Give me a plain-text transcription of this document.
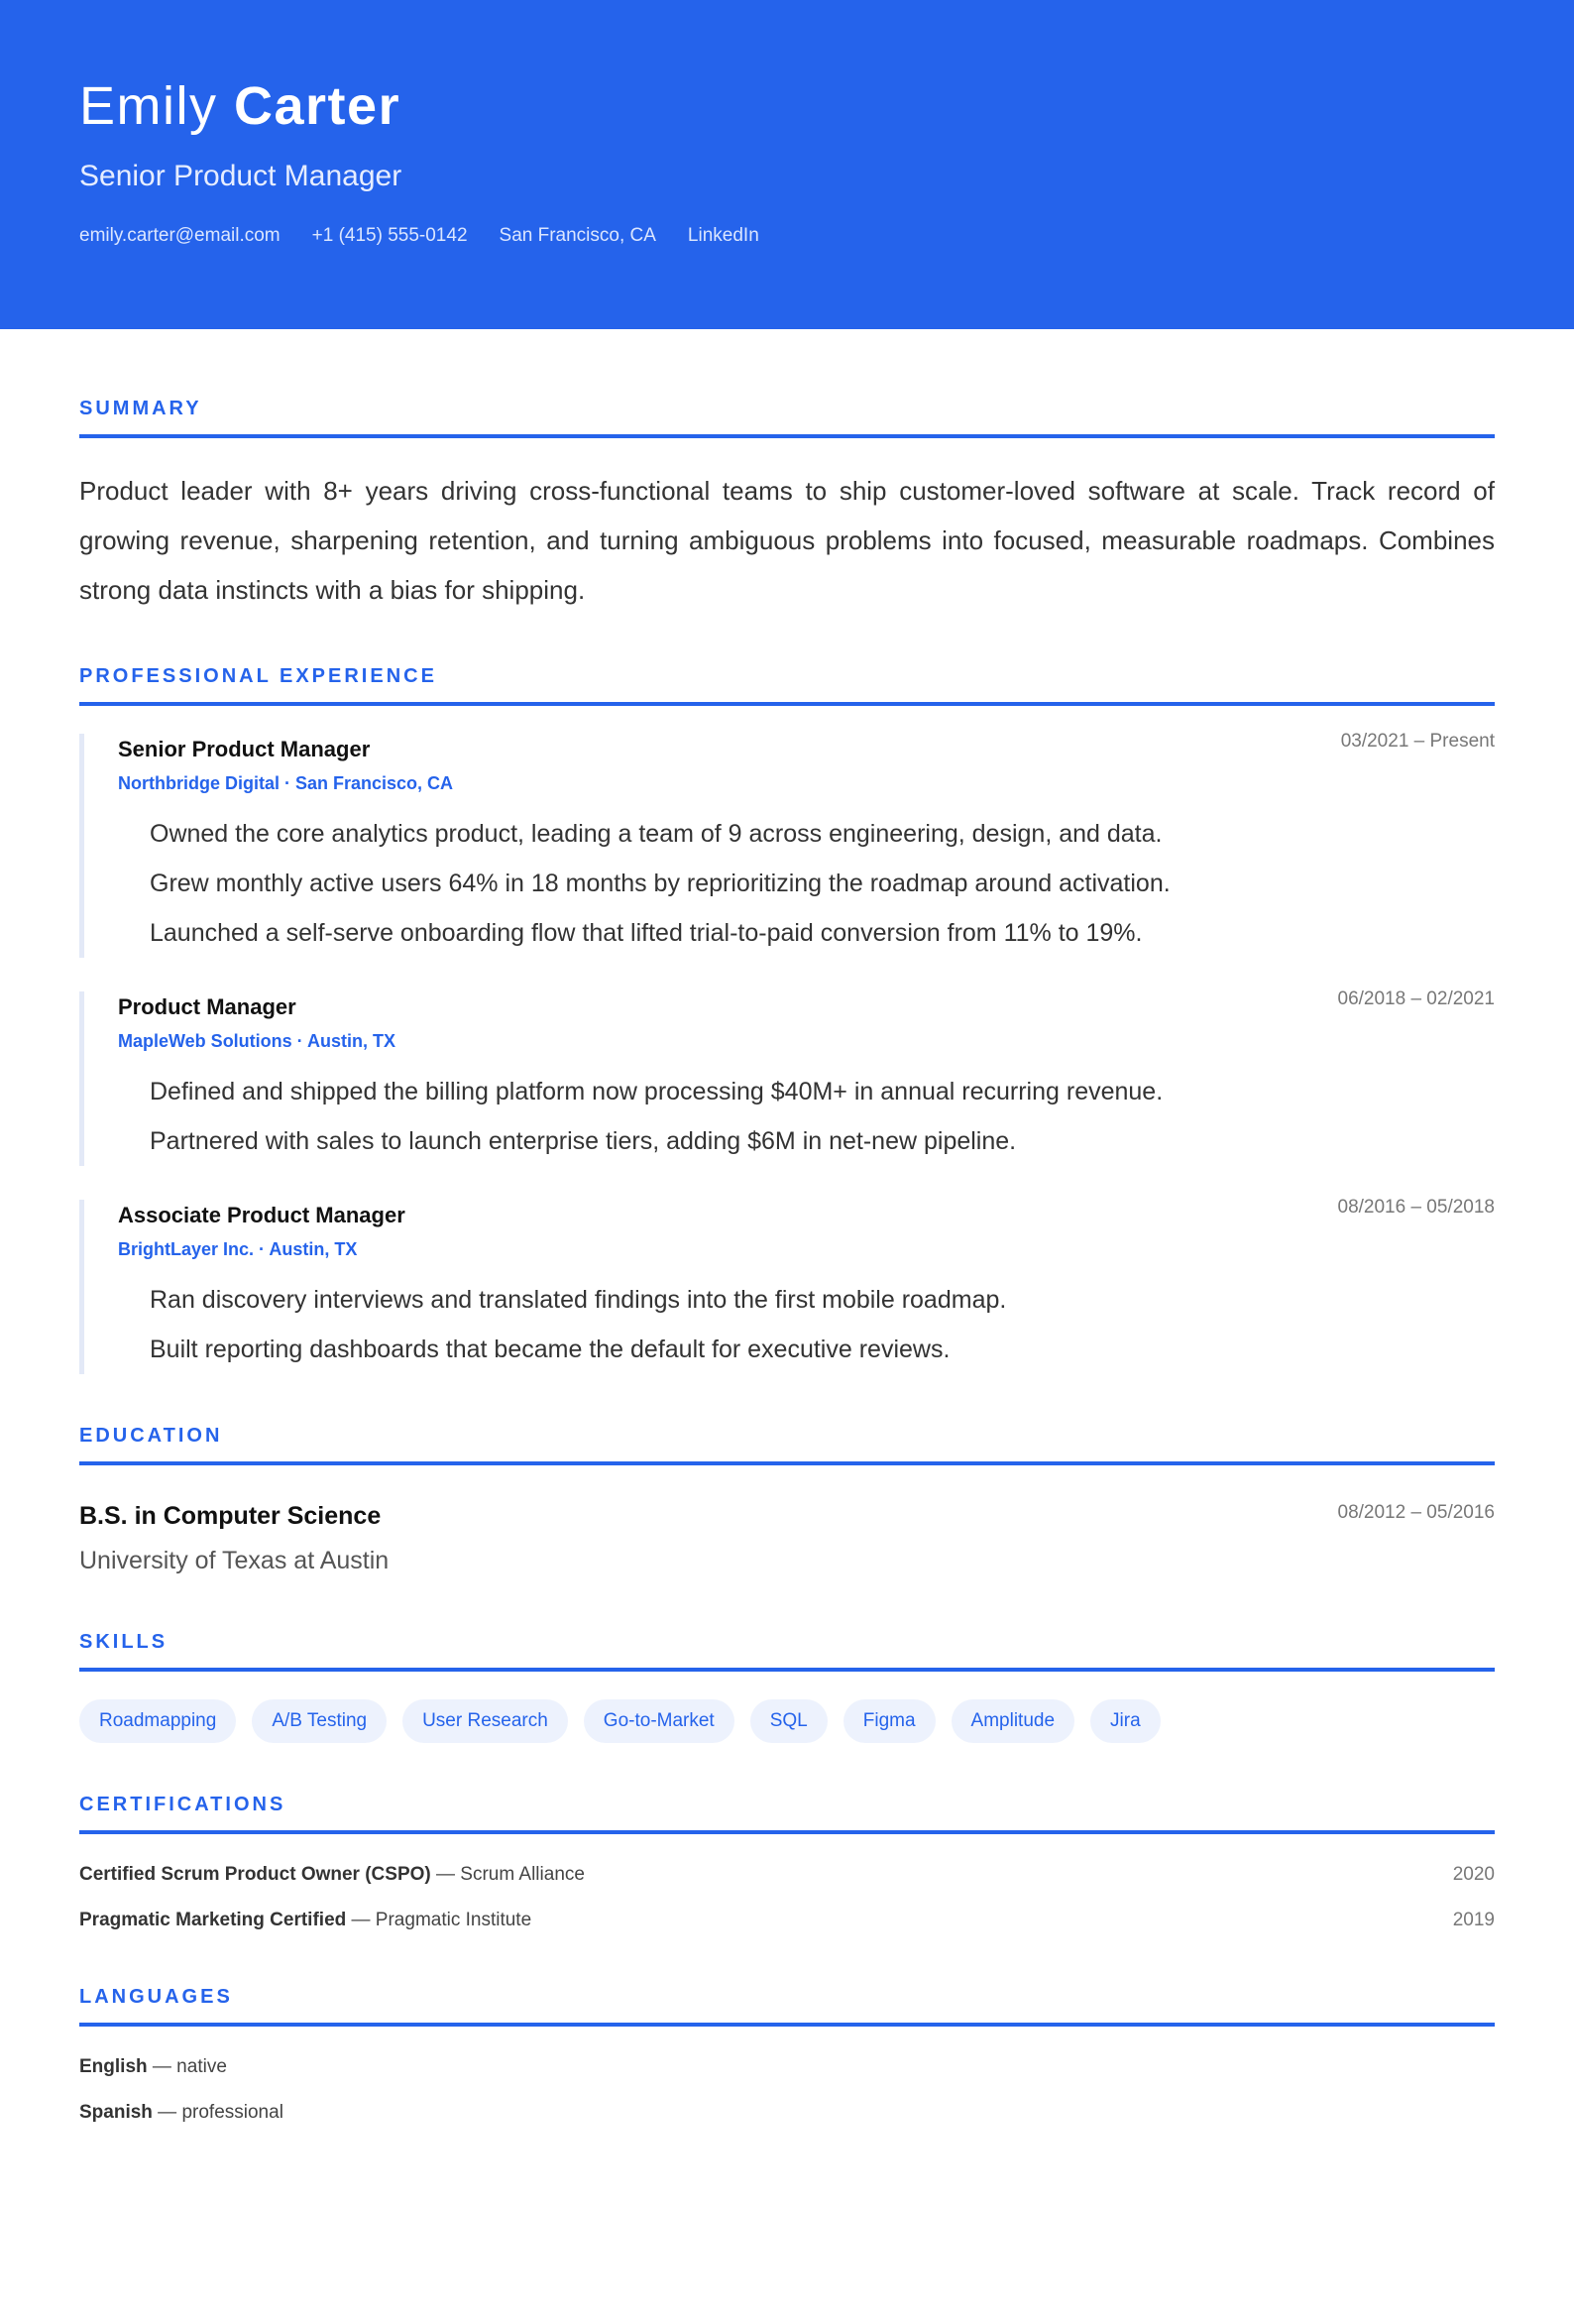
Emily Carter
Senior Product Manager
emily.carter@email.com +1 (415) 555-0142 San Francisco, CA LinkedIn
SUMMARY

Product leader with 8+ years driving cross-functional teams to ship customer-loved software at scale. Track record of growing revenue, sharpening retention, and turning ambiguous problems into focused, measurable roadmaps. Combines strong data instincts with a bias for shipping.

PROFESSIONAL EXPERIENCE
Senior Product Manager	03/2021 – Present
Northbridge Digital · San Francisco, CA
Owned the core analytics product, leading a team of 9 across engineering, design, and data.
Grew monthly active users 64% in 18 months by reprioritizing the roadmap around activation.
Launched a self-serve onboarding flow that lifted trial-to-paid conversion from 11% to 19%.
Product Manager	06/2018 – 02/2021
MapleWeb Solutions · Austin, TX
Defined and shipped the billing platform now processing $40M+ in annual recurring revenue.
Partnered with sales to launch enterprise tiers, adding $6M in net-new pipeline.
Associate Product Manager	08/2016 – 05/2018
BrightLayer Inc. · Austin, TX
Ran discovery interviews and translated findings into the first mobile roadmap.
Built reporting dashboards that became the default for executive reviews.
EDUCATION
B.S. in Computer Science	08/2012 – 05/2016
University of Texas at Austin
SKILLS
Roadmapping	A/B Testing	User Research	Go-to-Market	SQL	Figma	Amplitude	Jira
CERTIFICATIONS
Certified Scrum Product Owner (CSPO) — Scrum Alliance	2020
Pragmatic Marketing Certified — Pragmatic Institute	2019
LANGUAGES
English — native
Spanish — professional
